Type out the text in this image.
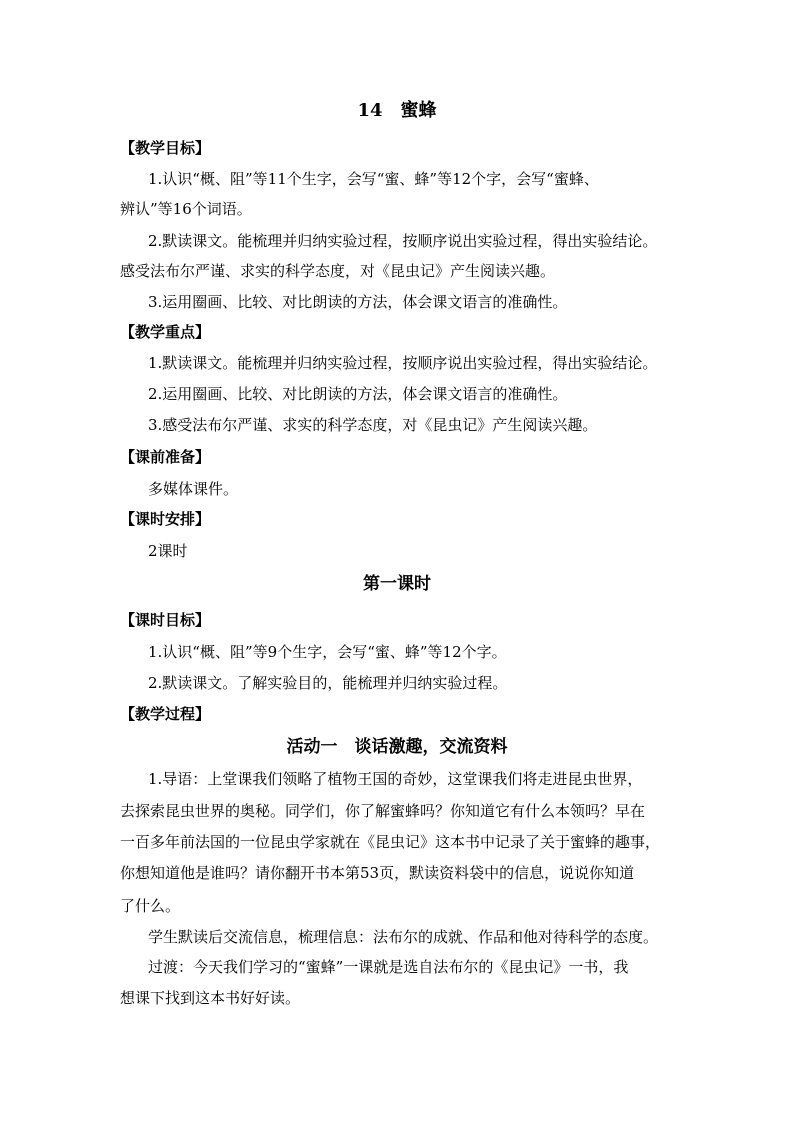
14　蜜蜂
【教学目标】
1.认识“概、阻”等11个生字，会写“蜜、蜂”等12个字，会写“蜜蜂、
辨认”等16个词语。
2.默读课文。能梳理并归纳实验过程，按顺序说出实验过程，得出实验结论。
感受法布尔严谨、求实的科学态度，对《昆虫记》产生阅读兴趣。
3.运用圈画、比较、对比朗读的方法，体会课文语言的准确性。
【教学重点】
1.默读课文。能梳理并归纳实验过程，按顺序说出实验过程，得出实验结论。
2.运用圈画、比较、对比朗读的方法，体会课文语言的准确性。
3.感受法布尔严谨、求实的科学态度，对《昆虫记》产生阅读兴趣。
【课前准备】
多媒体课件。
【课时安排】
2课时
第一课时
【课时目标】
1.认识“概、阻”等9个生字，会写“蜜、蜂”等12个字。
2.默读课文。了解实验目的，能梳理并归纳实验过程。
【教学过程】
活动一　谈话激趣，交流资料
1.导语：上堂课我们领略了植物王国的奇妙，这堂课我们将走进昆虫世界，
去探索昆虫世界的奥秘。同学们，你了解蜜蜂吗？你知道它有什么本领吗？早在
一百多年前法国的一位昆虫学家就在《昆虫记》这本书中记录了关于蜜蜂的趣事，
你想知道他是谁吗？请你翻开书本第53页，默读资料袋中的信息，说说你知道
了什么。
学生默读后交流信息，梳理信息：法布尔的成就、作品和他对待科学的态度。
过渡：今天我们学习的“蜜蜂”一课就是选自法布尔的《昆虫记》一书，我
想课下找到这本书好好读。
